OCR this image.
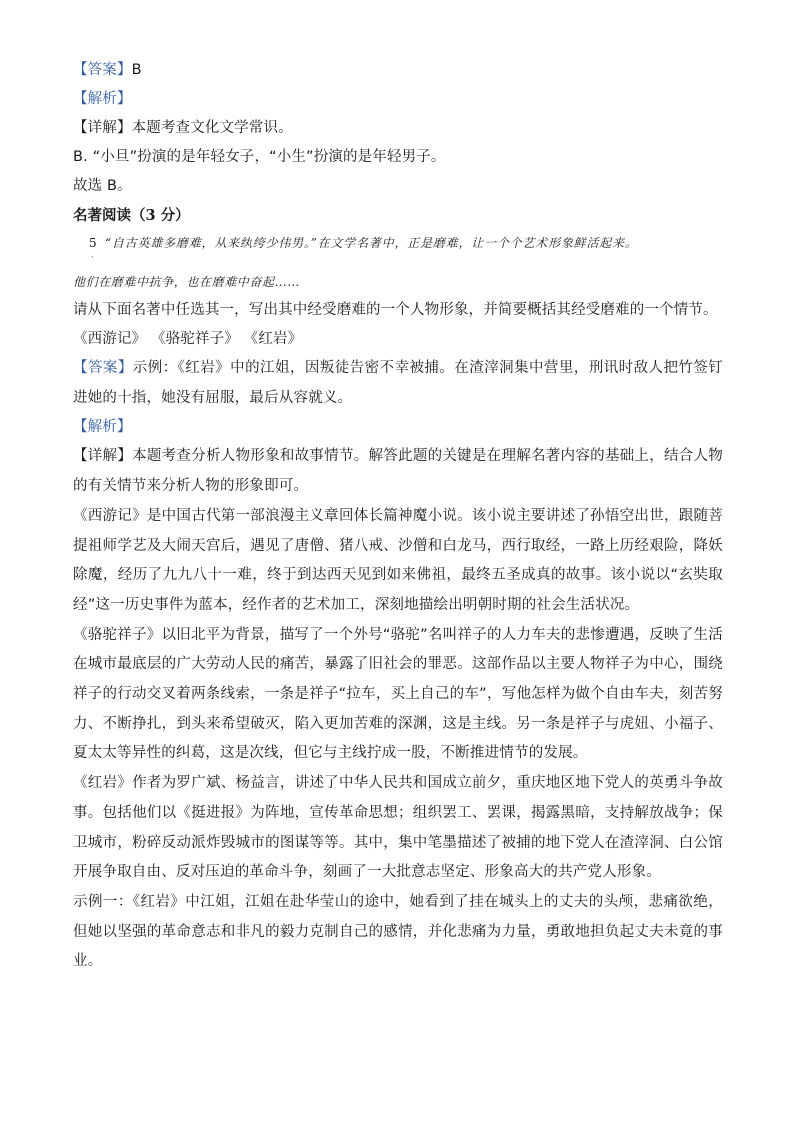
【答案】B
【解析】
【详解】本题考查文化文学常识。
B. “小旦”扮演的是年轻女子，“小生”扮演的是年轻男子。
故选 B。
名著阅读（3 分）
5
·
“自古英雄多磨难，从来纨绔少伟男。”在文学名著中，正是磨难，让一个个艺术形象鲜活起来。
他们在磨难中抗争，也在磨难中奋起……
请从下面名著中任选其一，写出其中经受磨难的一个人物形象，并简要概括其经受磨难的一个情节。
《西游记》 《骆驼祥子》 《红岩》

【答案】示例：《红岩》中的江姐，因叛徒告密不幸被捕。在渣滓洞集中营里，刑讯时敌人把竹签钉进她的十指，她没有屈服，最后从容就义。

【解析】

【详解】本题考查分析人物形象和故事情节。解答此题的关键是在理解名著内容的基础上，结合人物的有关情节来分析人物的形象即可。

《西游记》是中国古代第一部浪漫主义章回体长篇神魔小说。该小说主要讲述了孙悟空出世，跟随菩提祖师学艺及大闹天宫后，遇见了唐僧、猪八戒、沙僧和白龙马，西行取经，一路上历经艰险，降妖除魔，经历了九九八十一难，终于到达西天见到如来佛祖，最终五圣成真的故事。该小说以“玄奘取经”这一历史事件为蓝本，经作者的艺术加工，深刻地描绘出明朝时期的社会生活状况。

《骆驼祥子》以旧北平为背景，描写了一个外号“骆驼”名叫祥子的人力车夫的悲惨遭遇，反映了生活在城市最底层的广大劳动人民的痛苦，暴露了旧社会的罪恶。这部作品以主要人物祥子为中心，围绕祥子的行动交叉着两条线索，一条是祥子“拉车，买上自己的车”，写他怎样为做个自由车夫，刻苦努力、不断挣扎，到头来希望破灭，陷入更加苦难的深渊，这是主线。另一条是祥子与虎妞、小福子、夏太太等异性的纠葛，这是次线，但它与主线拧成一股，不断推进情节的发展。

《红岩》作者为罗广斌、杨益言，讲述了中华人民共和国成立前夕，重庆地区地下党人的英勇斗争故事。包括他们以《挺进报》为阵地，宣传革命思想；组织罢工、罢课，揭露黑暗，支持解放战争；保卫城市，粉碎反动派炸毁城市的图谋等等。其中，集中笔墨描述了被捕的地下党人在渣滓洞、白公馆开展争取自由、反对压迫的革命斗争，刻画了一大批意志坚定、形象高大的共产党人形象。

示例一：《红岩》中江姐，江姐在赴华莹山的途中，她看到了挂在城头上的丈夫的头颅，悲痛欲绝，但她以坚强的革命意志和非凡的毅力克制自己的感情，并化悲痛为力量，勇敢地担负起丈夫未竟的事业。
